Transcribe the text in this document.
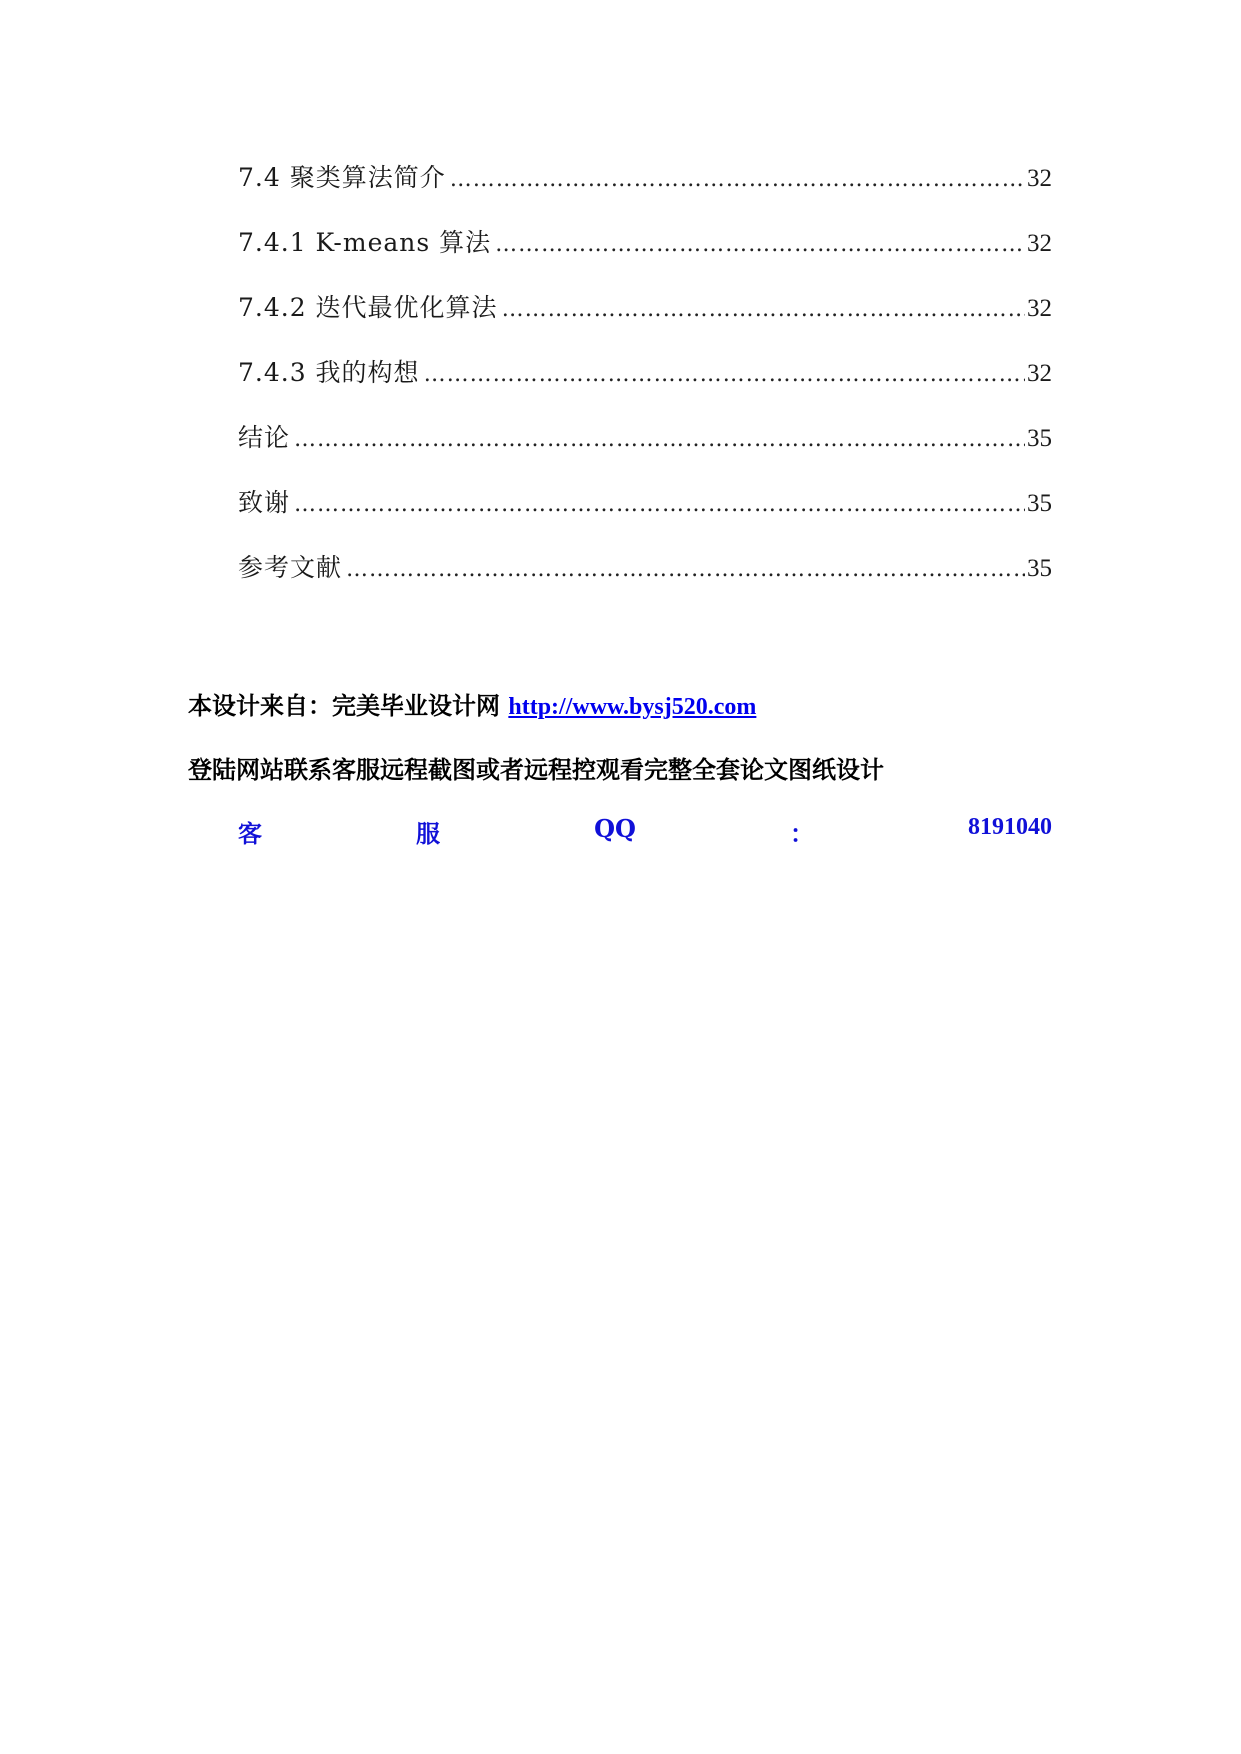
7.4 聚类算法简介 …………………………………………………………………………………………………………………………	32
7.4.1 K-means 算法 …………………………………………………………………………………………………………………………	32
7.4.2 迭代最优化算法 …………………………………………………………………………………………………………………………	32
7.4.3 我的构想 …………………………………………………………………………………………………………………………	32
结论 …………………………………………………………………………………………………………………………	35
致谢 …………………………………………………………………………………………………………………………	35
参考文献 …………………………………………………………………………………………………………………………	35
本设计来自：完美毕业设计网 http://www.bysj520.com
登陆网站联系客服远程截图或者远程控观看完整全套论文图纸设计
客	服	QQ	：	8191040
